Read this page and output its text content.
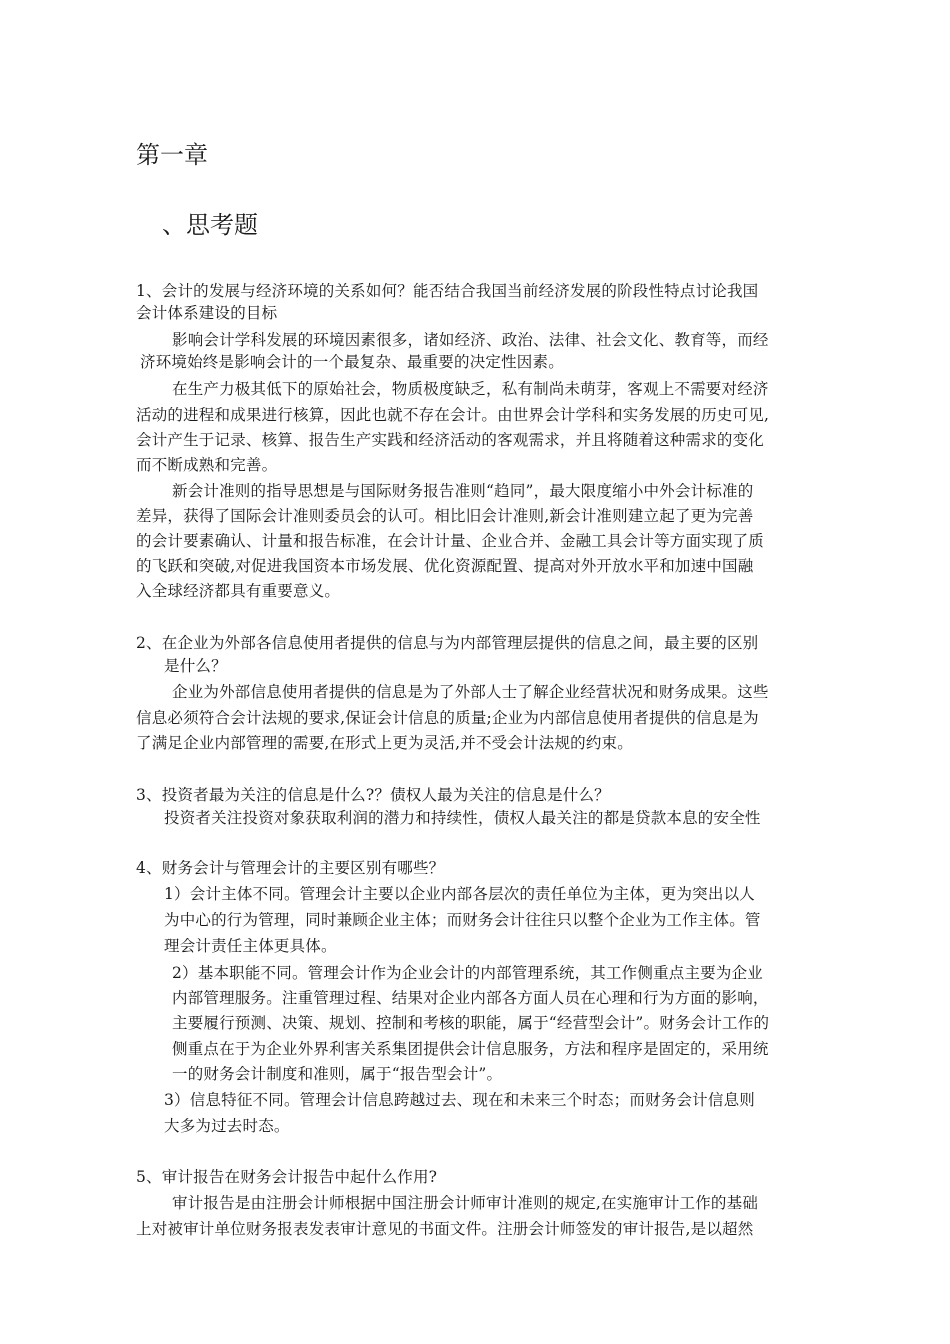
第一章
、思考题
1、会计的发展与经济环境的关系如何？能否结合我国当前经济发展的阶段性特点讨论我国
会计体系建设的目标
影响会计学科发展的环境因素很多，诸如经济、政治、法律、社会文化、教育等，而经
济环境始终是影响会计的一个最复杂、最重要的决定性因素。
在生产力极其低下的原始社会，物质极度缺乏，私有制尚未萌芽，客观上不需要对经济
活动的进程和成果进行核算，因此也就不存在会计。由世界会计学科和实务发展的历史可见,
会计产生于记录、核算、报告生产实践和经济活动的客观需求，并且将随着这种需求的变化
而不断成熟和完善。
新会计准则的指导思想是与国际财务报告准则“趋同”，最大限度缩小中外会计标准的
差异，获得了国际会计准则委员会的认可。相比旧会计准则,新会计准则建立起了更为完善
的会计要素确认、计量和报告标准，在会计计量、企业合并、金融工具会计等方面实现了质
的飞跃和突破,对促进我国资本市场发展、优化资源配置、提高对外开放水平和加速中国融
入全球经济都具有重要意义。
2、在企业为外部各信息使用者提供的信息与为内部管理层提供的信息之间，最主要的区别
是什么？
企业为外部信息使用者提供的信息是为了外部人士了解企业经营状况和财务成果。这些
信息必须符合会计法规的要求,保证会计信息的质量;企业为内部信息使用者提供的信息是为
了满足企业内部管理的需要,在形式上更为灵活,并不受会计法规的约束。
3、投资者最为关注的信息是什么?？债权人最为关注的信息是什么？
投资者关注投资对象获取利润的潜力和持续性，债权人最关注的都是贷款本息的安全性
4、财务会计与管理会计的主要区别有哪些？
1）会计主体不同。管理会计主要以企业内部各层次的责任单位为主体，更为突出以人
为中心的行为管理，同时兼顾企业主体；而财务会计往往只以整个企业为工作主体。管
理会计责任主体更具体。
2）基本职能不同。管理会计作为企业会计的内部管理系统，其工作侧重点主要为企业
内部管理服务。注重管理过程、结果对企业内部各方面人员在心理和行为方面的影响，
主要履行预测、决策、规划、控制和考核的职能，属于“经营型会计”。财务会计工作的
侧重点在于为企业外界利害关系集团提供会计信息服务，方法和程序是固定的，采用统
一的财务会计制度和准则，属于“报告型会计”。
3）信息特征不同。管理会计信息跨越过去、现在和未来三个时态；而财务会计信息则
大多为过去时态。
5、审计报告在财务会计报告中起什么作用?
审计报告是由注册会计师根据中国注册会计师审计准则的规定,在实施审计工作的基础
上对被审计单位财务报表发表审计意见的书面文件。注册会计师签发的审计报告,是以超然
